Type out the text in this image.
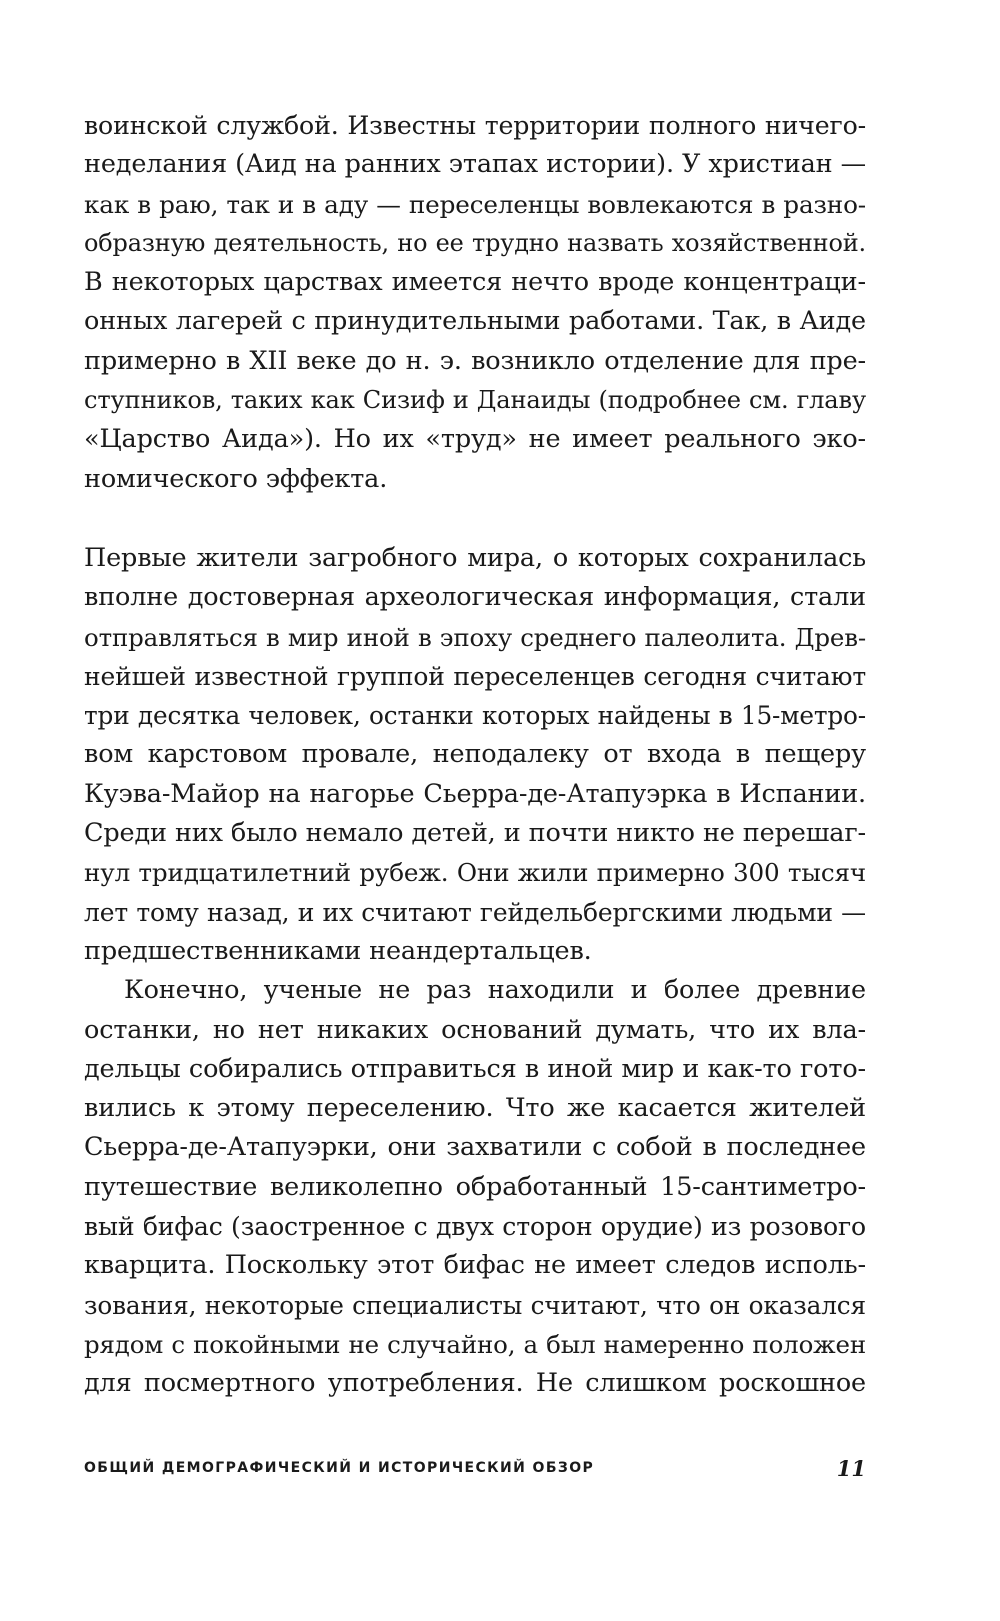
воинской службой. Известны территории полного ничего-
неделания (Аид на ранних этапах истории). У христиан —
как в раю, так и в аду — переселенцы вовлекаются в разно-
образную деятельность, но ее трудно назвать хозяйственной.
В некоторых царствах имеется нечто вроде концентраци-
онных лагерей с принудительными работами. Так, в Аиде
примерно в XII веке до н. э. возникло отделение для пре-
ступников, таких как Сизиф и Данаиды (подробнее см. главу
«Царство Аида»). Но их «труд» не имеет реального эко-
номического эффекта.
Первые жители загробного мира, о которых сохранилась
вполне достоверная археологическая информация, стали
отправляться в мир иной в эпоху среднего палеолита. Древ-
нейшей известной группой переселенцев сегодня считают
три десятка человек, останки которых найдены в 15-метро-
вом карстовом провале, неподалеку от входа в пещеру
Куэва-Майор на нагорье Сьерра-де-Атапуэрка в Испании.
Среди них было немало детей, и почти никто не перешаг-
нул тридцатилетний рубеж. Они жили примерно 300 тысяч
лет тому назад, и их считают гейдельбергскими людьми —
предшественниками неандертальцев.
Конечно, ученые не раз находили и более древние
останки, но нет никаких оснований думать, что их вла-
дельцы собирались отправиться в иной мир и как-то гото-
вились к этому переселению. Что же касается жителей
Сьерра-де-Атапуэрки, они захватили с собой в последнее
путешествие великолепно обработанный 15-сантиметро-
вый бифас (заостренное с двух сторон орудие) из розового
кварцита. Поскольку этот бифас не имеет следов исполь-
зования, некоторые специалисты считают, что он оказался
рядом с покойными не случайно, а был намеренно положен
для посмертного употребления. Не слишком роскошное
ОБЩИЙ ДЕМОГРАФИЧЕСКИЙ И ИСТОРИЧЕСКИЙ ОБЗОР	11
